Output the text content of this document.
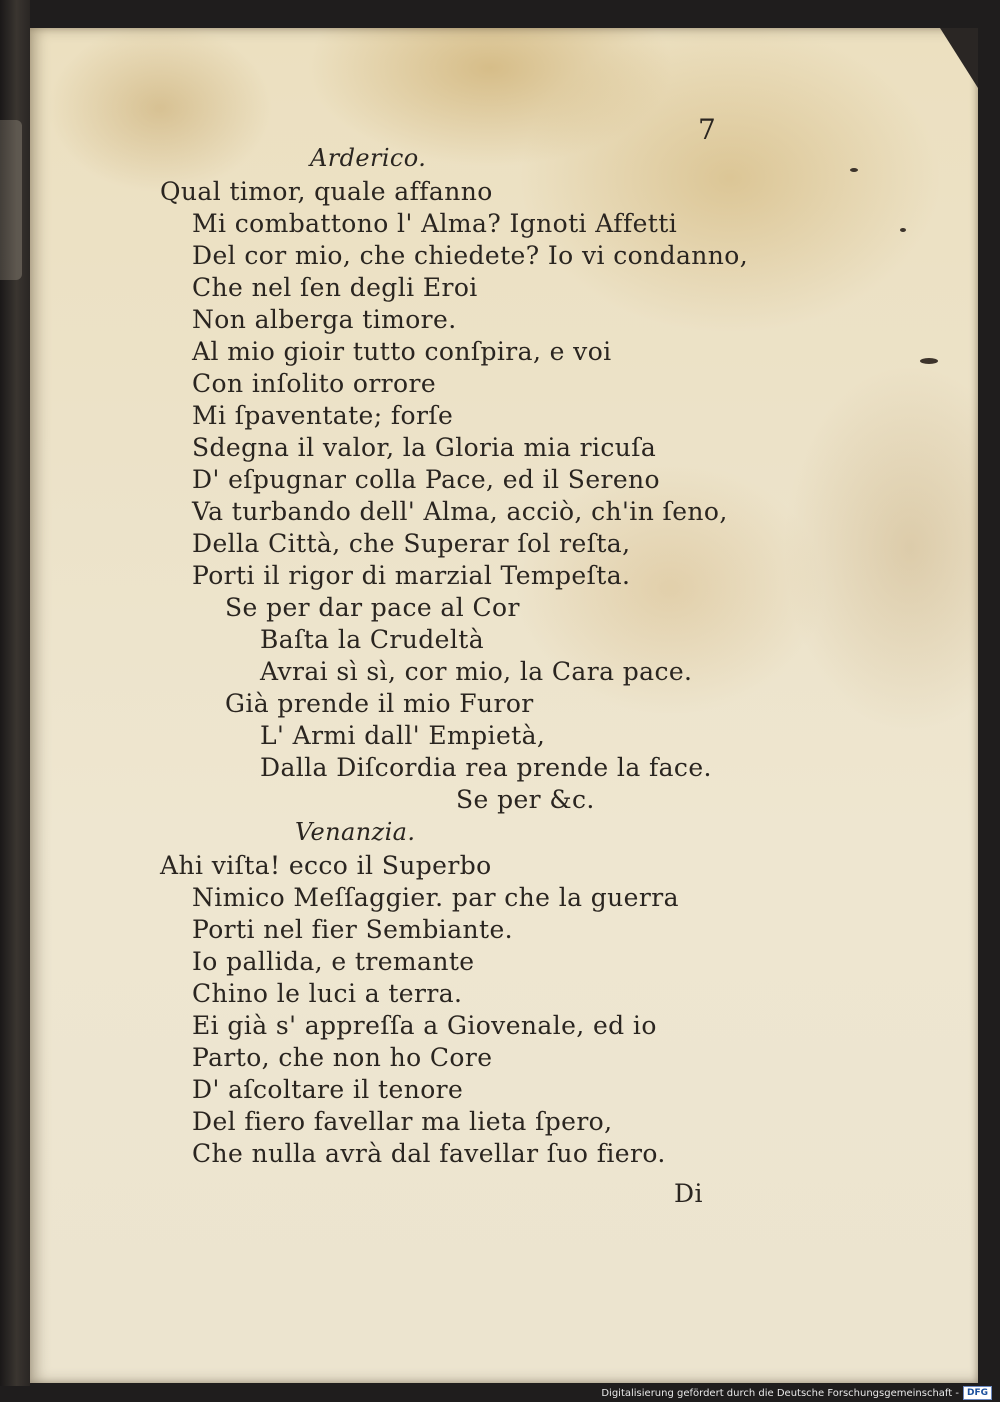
7
Arderico.
Qual timor, quale affanno
Mi combattono l' Alma? Ignoti Affetti
Del cor mio, che chiedete? Io vi condanno,
Che nel ſen degli Eroi
Non alberga timore.
Al mio gioir tutto conſpira, e voi
Con inſolito orrore
Mi ſpaventate; forſe
Sdegna il valor, la Gloria mia ricuſa
D' eſpugnar colla Pace, ed il Sereno
Va turbando dell' Alma, acciò, ch'in ſeno,
Della Città, che Superar ſol reſta,
Porti il rigor di marzial Tempeſta.
Se per dar pace al Cor
Baſta la Crudeltà
Avrai sì sì, cor mio, la Cara pace.
Già prende il mio Furor
L' Armi dall' Empietà,
Dalla Diſcordia rea prende la face.
Se per &c.
Venanzia.
Ahi viſta! ecco il Superbo
Nimico Meſſaggier. par che la guerra
Porti nel fier Sembiante.
Io pallida, e tremante
Chino le luci a terra.
Ei già s' appreſſa a Giovenale, ed io
Parto, che non ho Core
D' aſcoltare il tenore
Del fiero favellar ma lieta ſpero,
Che nulla avrà dal favellar ſuo fiero.
Di
Digitalisierung gefördert durch die Deutsche Forschungsgemeinschaft - DFG
